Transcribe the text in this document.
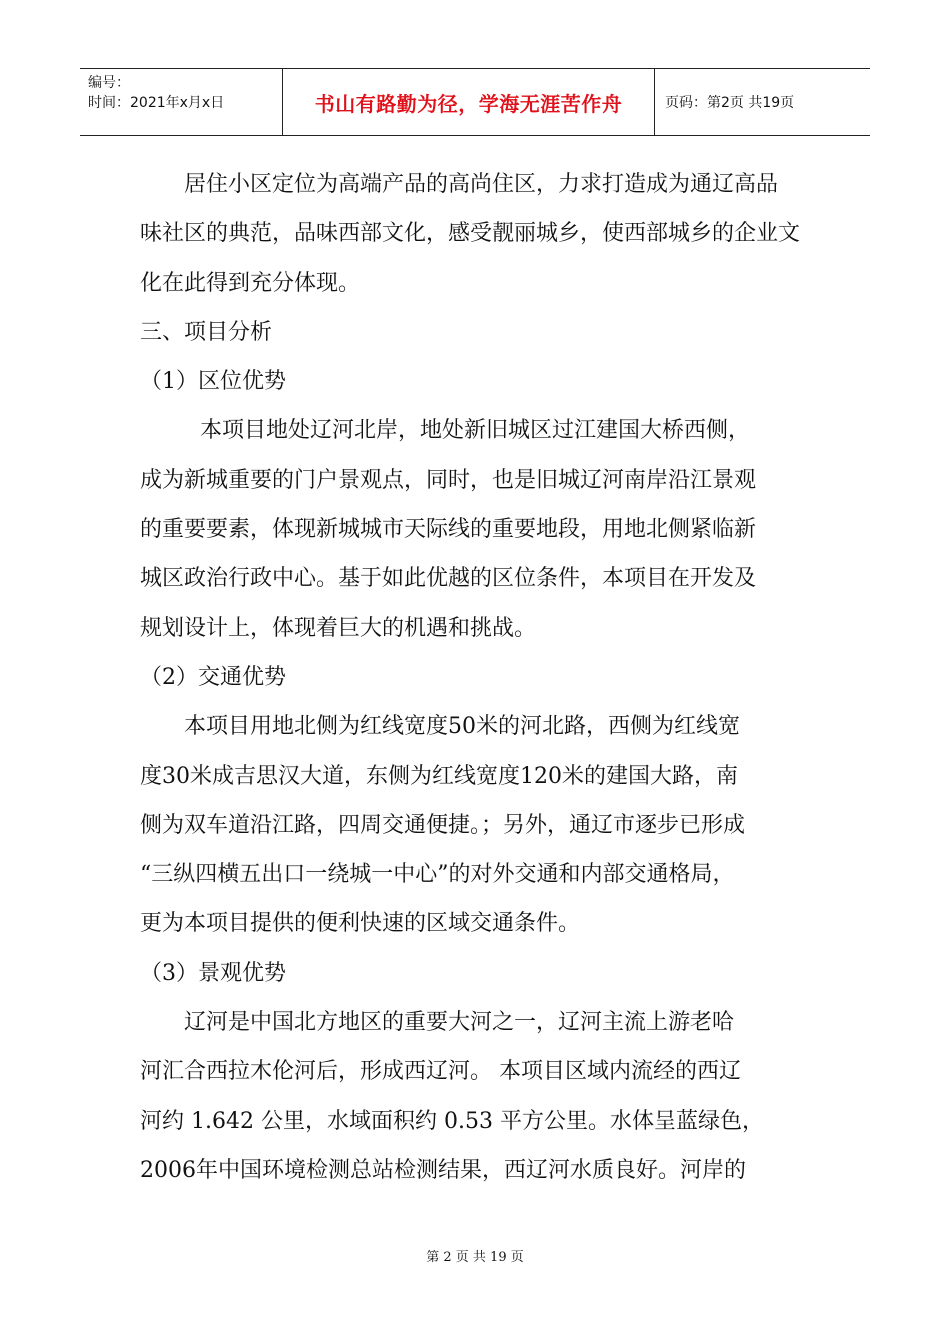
编号：
时间：2021年x月x日	书山有路勤为径，学海无涯苦作舟	页码：第2页 共19页
居住小区定位为高端产品的高尚住区，力求打造成为通辽高品
味社区的典范，品味西部文化，感受靓丽城乡，使西部城乡的企业文
化在此得到充分体现。
三、项目分析
（1）区位优势
本项目地处辽河北岸，地处新旧城区过江建国大桥西侧，
成为新城重要的门户景观点，同时，也是旧城辽河南岸沿江景观
的重要要素，体现新城城市天际线的重要地段，用地北侧紧临新
城区政治行政中心。基于如此优越的区位条件，本项目在开发及
规划设计上，体现着巨大的机遇和挑战。
（2）交通优势
本项目用地北侧为红线宽度50米的河北路，西侧为红线宽
度30米成吉思汉大道，东侧为红线宽度120米的建国大路，南
侧为双车道沿江路，四周交通便捷。；另外，通辽市逐步已形成
“三纵四横五出口一绕城一中心”的对外交通和内部交通格局，
更为本项目提供的便利快速的区域交通条件。
（3）景观优势
辽河是中国北方地区的重要大河之一，辽河主流上游老哈
河汇合西拉木伦河后，形成西辽河。 本项目区域内流经的西辽
河约 1.642 公里，水域面积约 0.53 平方公里。水体呈蓝绿色，
2006年中国环境检测总站检测结果，西辽河水质良好。河岸的
第 2 页 共 19 页
